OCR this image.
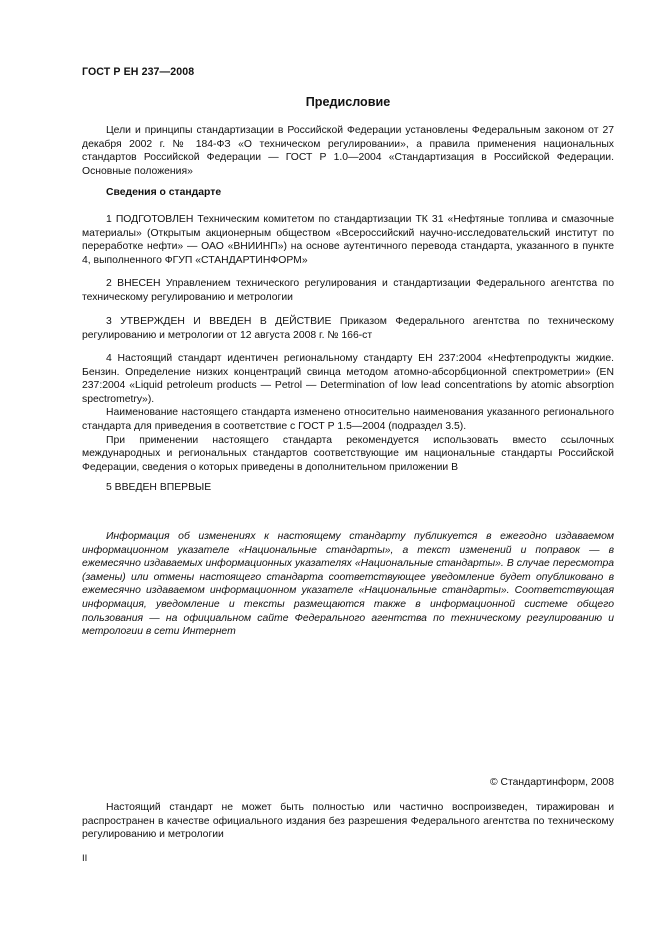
ГОСТ Р ЕН 237—2008
Предисловие

Цели и принципы стандартизации в Российской Федерации установлены Федеральным законом от 27 декабря 2002 г. № 184-ФЗ «О техническом регулировании», а правила применения национальных стандартов Российской Федерации — ГОСТ Р 1.0—2004 «Стандартизация в Российской Федерации. Основные положения»

Сведения о стандарте

1 ПОДГОТОВЛЕН Техническим комитетом по стандартизации ТК 31 «Нефтяные топлива и смазочные материалы» (Открытым акционерным обществом «Всероссийский научно-исследовательский институт по переработке нефти» — ОАО «ВНИИНП») на основе аутентичного перевода стандарта, указанного в пункте 4, выполненного ФГУП «СТАНДАРТИНФОРМ»

2 ВНЕСЕН Управлением технического регулирования и стандартизации Федерального агентства по техническому регулированию и метрологии

3 УТВЕРЖДЕН И ВВЕДЕН В ДЕЙСТВИЕ Приказом Федерального агентства по техническому регулированию и метрологии от 12 августа 2008 г. № 166-ст

4 Настоящий стандарт идентичен региональному стандарту ЕН 237:2004 «Нефтепродукты жидкие. Бензин. Определение низких концентраций свинца методом атомно-абсорбционной спектрометрии» (EN 237:2004 «Liquid petroleum products — Petrol — Determination of low lead concentrations by atomic absorption spectrometry»).

Наименование настоящего стандарта изменено относительно наименования указанного регионального стандарта для приведения в соответствие с ГОСТ Р 1.5—2004 (подраздел 3.5).

При применении настоящего стандарта рекомендуется использовать вместо ссылочных международных и региональных стандартов соответствующие им национальные стандарты Российской Федерации, сведения о которых приведены в дополнительном приложении В

5 ВВЕДЕН ВПЕРВЫЕ

Информация об изменениях к настоящему стандарту публикуется в ежегодно издаваемом информационном указателе «Национальные стандарты», а текст изменений и поправок — в ежемесячно издаваемых информационных указателях «Национальные стандарты». В случае пересмотра (замены) или отмены настоящего стандарта соответствующее уведомление будет опубликовано в ежемесячно издаваемом информационном указателе «Национальные стандарты». Соответствующая информация, уведомление и тексты размещаются также в информационной системе общего пользования — на официальном сайте Федерального агентства по техническому регулированию и метрологии в сети Интернет

© Стандартинформ, 2008

Настоящий стандарт не может быть полностью или частично воспроизведен, тиражирован и распространен в качестве официального издания без разрешения Федерального агентства по техническому регулированию и метрологии

II
